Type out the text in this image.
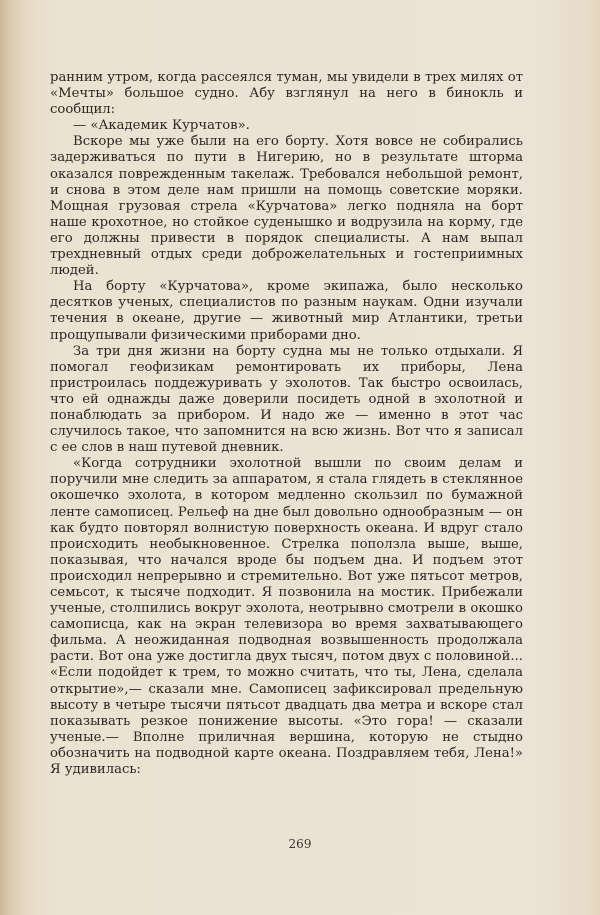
ранним утром, когда рассеялся туман, мы увидели в трех милях от «Мечты» большое судно. Абу взглянул на него в бинокль и сообщил:

— «Академик Курчатов».

Вскоре мы уже были на его борту. Хотя вовсе не собирались задерживаться по пути в Нигерию, но в результате шторма оказался поврежденным такелаж. Требовался небольшой ремонт, и снова в этом деле нам пришли на помощь советские моряки. Мощная грузовая стрела «Курчатова» легко подняла на борт наше крохотное, но стойкое суденышко и водрузила на корму, где его должны привести в порядок специалисты. А нам выпал трехдневный отдых среди доброжелательных и гостеприимных людей.

На борту «Курчатова», кроме экипажа, было несколько десятков ученых, специалистов по разным наукам. Одни изучали течения в океане, другие — животный мир Атлантики, третьи прощупывали физическими приборами дно.

За три дня жизни на борту судна мы не только отдыхали. Я помогал геофизикам ремонтировать их приборы, Лена пристроилась поддежуривать у эхолотов. Так быстро освоилась, что ей однажды даже доверили посидеть одной в эхолотной и понаблюдать за прибором. И надо же — именно в этот час случилось такое, что запомнится на всю жизнь. Вот что я записал с ее слов в наш путевой дневник.

«Когда сотрудники эхолотной вышли по своим делам и поручили мне следить за аппаратом, я стала глядеть в стеклянное окошечко эхолота, в котором медленно скользил по бумажной ленте самописец. Рельеф на дне был довольно однообразным — он как будто повторял волнистую поверхность океана. И вдруг стало происходить необыкновенное. Стрелка поползла выше, выше, показывая, что начался вроде бы подъем дна. И подъем этот происходил непрерывно и стремительно. Вот уже пятьсот метров, семьсот, к тысяче подходит. Я позвонила на мостик. Прибежали ученые, столпились вокруг эхолота, неотрывно смотрели в окошко самописца, как на экран телевизора во время захватывающего фильма. А неожиданная подводная возвышенность продолжала расти. Вот она уже достигла двух тысяч, потом двух с половиной... «Если подойдет к трем, то можно считать, что ты, Лена, сделала открытие»,— сказали мне. Самописец зафиксировал предельную высоту в четыре тысячи пятьсот двадцать два метра и вскоре стал показывать резкое понижение высоты. «Это гора! — сказали ученые.— Вполне приличная вершина, которую не стыдно обозначить на подводной карте океана. Поздравляем тебя, Лена!» Я удивилась:

269
